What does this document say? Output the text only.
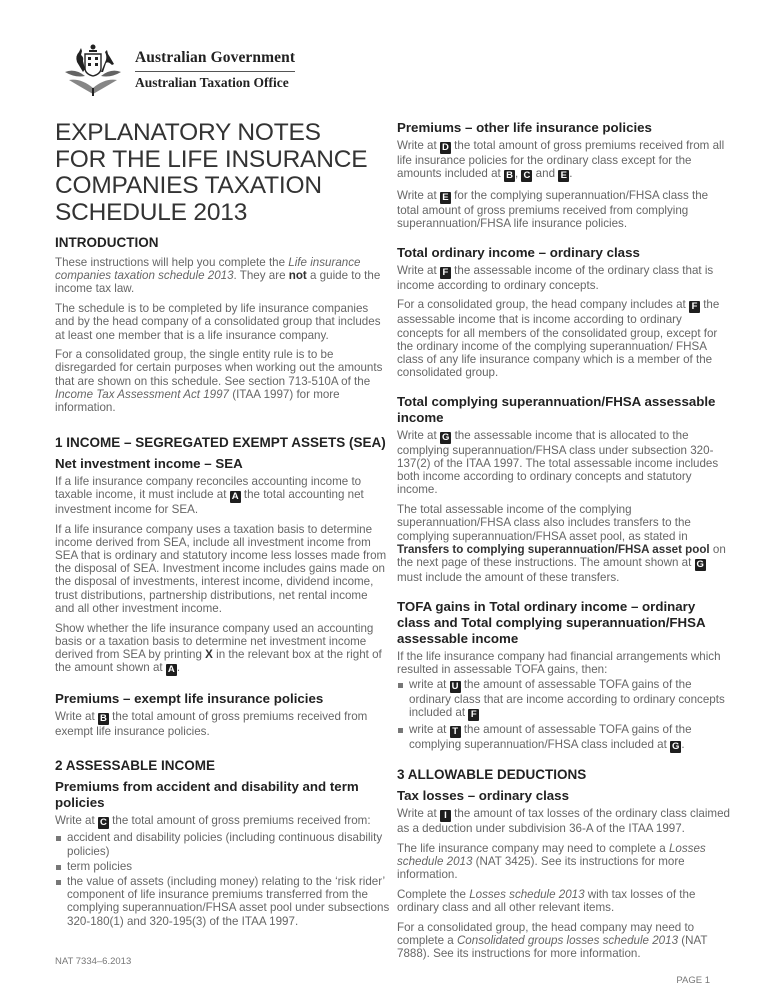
Australian Government
Australian Taxation Office
EXPLANATORY NOTES
FOR THE LIFE INSURANCE
COMPANIES TAXATION
SCHEDULE 2013
INTRODUCTION

These instructions will help you complete the Life insurance companies taxation schedule 2013. They are not a guide to the income tax law.

The schedule is to be completed by life insurance companies and by the head company of a consolidated group that includes at least one member that is a life insurance company.

For a consolidated group, the single entity rule is to be disregarded for certain purposes when working out the amounts that are shown on this schedule. See section 713-510A of the Income Tax Assessment Act 1997 (ITAA 1997) for more information.

1 INCOME – SEGREGATED EXEMPT ASSETS (SEA)
Net investment income – SEA

If a life insurance company reconciles accounting income to taxable income, it must include at A the total accounting net investment income for SEA.

If a life insurance company uses a taxation basis to determine income derived from SEA, include all investment income from SEA that is ordinary and statutory income less losses made from the disposal of SEA. Investment income includes gains made on the disposal of investments, interest income, dividend income, trust distributions, partnership distributions, net rental income and all other investment income.

Show whether the life insurance company used an accounting basis or a taxation basis to determine net investment income derived from SEA by printing X in the relevant box at the right of the amount shown at A .

Premiums – exempt life insurance policies

Write at B the total amount of gross premiums received from exempt life insurance policies.

2 ASSESSABLE INCOME
Premiums from accident and disability and term policies

Write at C the total amount of gross premiums received from:

accident and disability policies (including continuous disability policies)
term policies
the value of assets (including money) relating to the ‘risk rider’ component of life insurance premiums transferred from the complying superannuation/FHSA asset pool under subsections 320-180(1) and 320-195(3) of the ITAA 1997.
Premiums – other life insurance policies

Write at D the total amount of gross premiums received from all life insurance policies for the ordinary class except for the amounts included at B , C and E .

Write at E for the complying superannuation/FHSA class the total amount of gross premiums received from complying superannuation/FHSA life insurance policies.

Total ordinary income – ordinary class

Write at F the assessable income of the ordinary class that is income according to ordinary concepts.

For a consolidated group, the head company includes at F the assessable income that is income according to ordinary concepts for all members of the consolidated group, except for the ordinary income of the complying superannuation/ FHSA class of any life insurance company which is a member of the consolidated group.

Total complying superannuation/FHSA assessable income

Write at G the assessable income that is allocated to the complying superannuation/FHSA class under subsection 320-137(2) of the ITAA 1997. The total assessable income includes both income according to ordinary concepts and statutory income.

The total assessable income of the complying superannuation/FHSA class also includes transfers to the complying superannuation/FHSA asset pool, as stated in Transfers to complying superannuation/FHSA asset pool on the next page of these instructions. The amount shown at G must include the amount of these transfers.

TOFA gains in Total ordinary income – ordinary class and Total complying superannuation/FHSA assessable income

If the life insurance company had financial arrangements which resulted in assessable TOFA gains, then:

write at U the amount of assessable TOFA gains of the ordinary class that are income according to ordinary concepts included at F
write at T the amount of assessable TOFA gains of the complying superannuation/FHSA class included at G .
3 ALLOWABLE DEDUCTIONS
Tax losses – ordinary class

Write at I the amount of tax losses of the ordinary class claimed as a deduction under subdivision 36-A of the ITAA 1997.

The life insurance company may need to complete a Losses schedule 2013 (NAT 3425). See its instructions for more information.

Complete the Losses schedule 2013 with tax losses of the ordinary class and all other relevant items.

For a consolidated group, the head company may need to complete a Consolidated groups losses schedule 2013 (NAT 7888). See its instructions for more information.

NAT 7334–6.2013
PAGE 1
